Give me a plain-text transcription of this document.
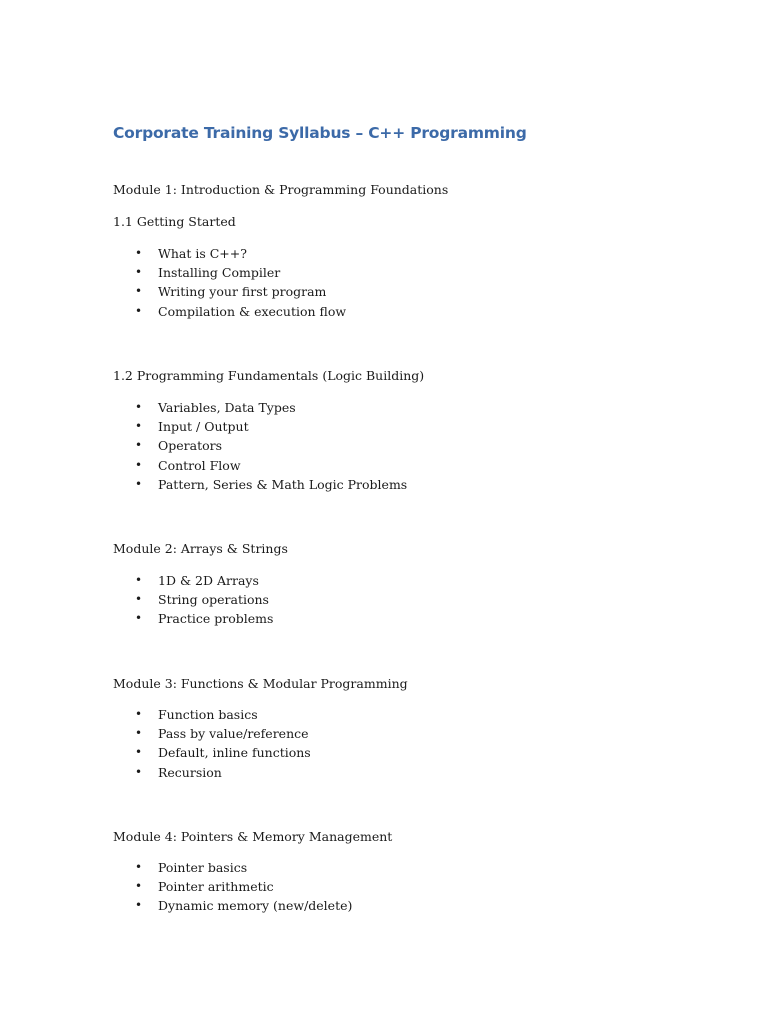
Corporate Training Syllabus – C++ Programming
Module 1: Introduction & Programming Foundations
1.1 Getting Started
• What is C++?
• Installing Compiler
• Writing your first program
• Compilation & execution flow
1.2 Programming Fundamentals (Logic Building)
• Variables, Data Types
• Input / Output
• Operators
• Control Flow
• Pattern, Series & Math Logic Problems
Module 2: Arrays & Strings
• 1D & 2D Arrays
• String operations
• Practice problems
Module 3: Functions & Modular Programming
• Function basics
• Pass by value/reference
• Default, inline functions
• Recursion
Module 4: Pointers & Memory Management
• Pointer basics
• Pointer arithmetic
• Dynamic memory (new/delete)
